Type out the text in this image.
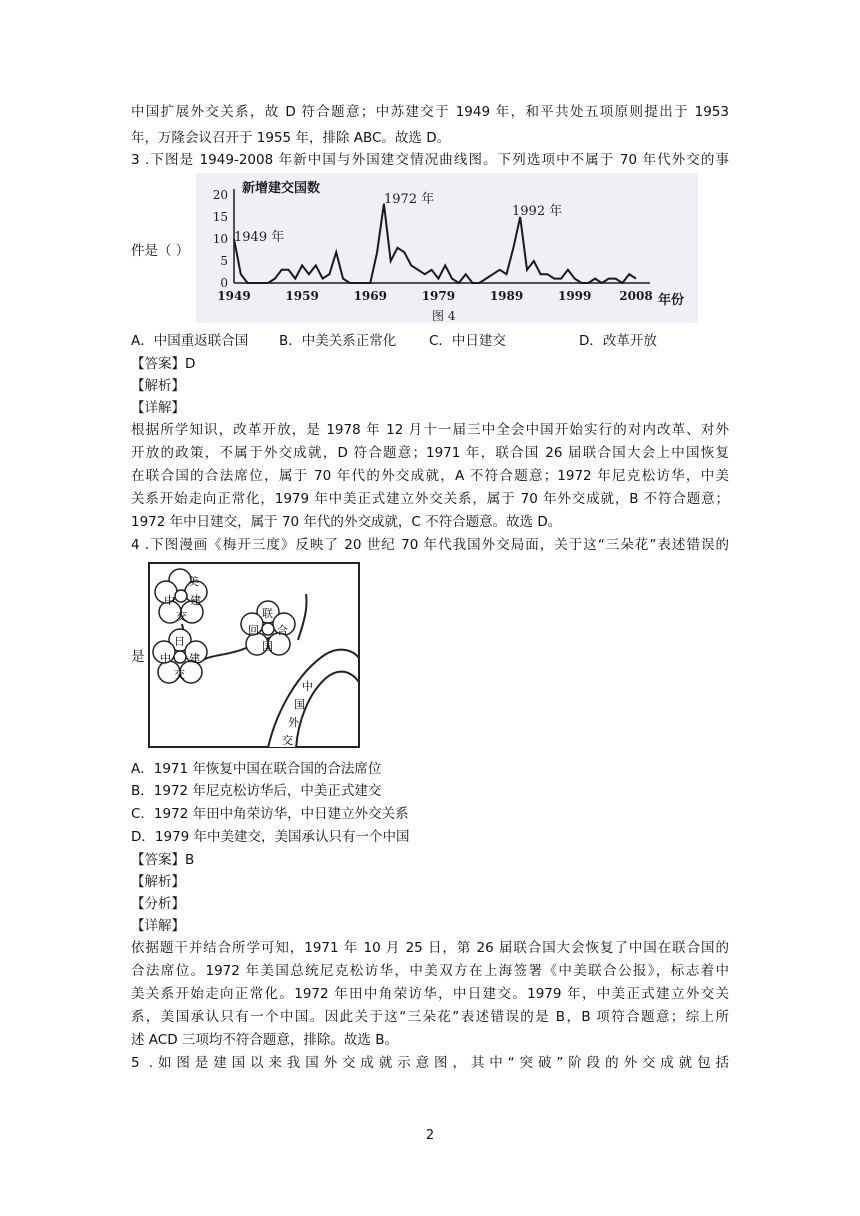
中国扩展外交关系，故 D 符合题意；中苏建交于 1949 年，和平共处五项原则提出于 1953
年，万隆会议召开于 1955 年，排除 ABC。故选 D。
3 .下图是 1949-2008 年新中国与外国建交情况曲线图。下列选项中不属于 70 年代外交的事
0
5
10
15
20
1949	1959	1969	1979	1989	1999 2008
新增建交国数
年份
图 4
1949 年
1972 年
1992 年
件是（ ）
A．中国重返联合国 B．中美关系正常化 C．中日建交	D．改革开放
【答案】D
【解析】
【详解】
根据所学知识，改革开放，是 1978 年 12 月十一届三中全会中国开始实行的对内改革、对外
开放的政策，不属于外交成就，D 符合题意；1971 年，联合国 26 届联合国大会上中国恢复
在联合国的合法席位，属于 70 年代的外交成就，A 不符合题意；1972 年尼克松访华，中美
关系开始走向正常化，1979 年中美正式建立外交关系，属于 70 年外交成就，B 不符合题意；
1972 年中日建交，属于 70 年代的外交成就，C 不符合题意。故选 D。
4 .下图漫画《梅开三度》反映了 20 世纪 70 年代我国外交局面，关于这“三朵花”表述错误的
美
中 建
交	联
回 合
国
日
中 建
交
中
国
外
交
是
A．1971 年恢复中国在联合国的合法席位
B．1972 年尼克松访华后，中美正式建交
C．1972 年田中角荣访华，中日建立外交关系
D．1979 年中美建交，美国承认只有一个中国
【答案】B
【解析】
【分析】
【详解】
依据题干并结合所学可知，1971 年 10 月 25 日，第 26 届联合国大会恢复了中国在联合国的
合法席位。1972 年美国总统尼克松访华，中美双方在上海签署《中美联合公报》，标志着中
美关系开始走向正常化。1972 年田中角荣访华，中日建交。1979 年，中美正式建立外交关
系，美国承认只有一个中国。因此关于这“三朵花”表述错误的是 B，B 项符合题意；综上所
述 ACD 三项均不符合题意，排除。故选 B。
5 .如图是建国以来我国外交成就示意图，其中“突破”阶段的外交成就包括
2
